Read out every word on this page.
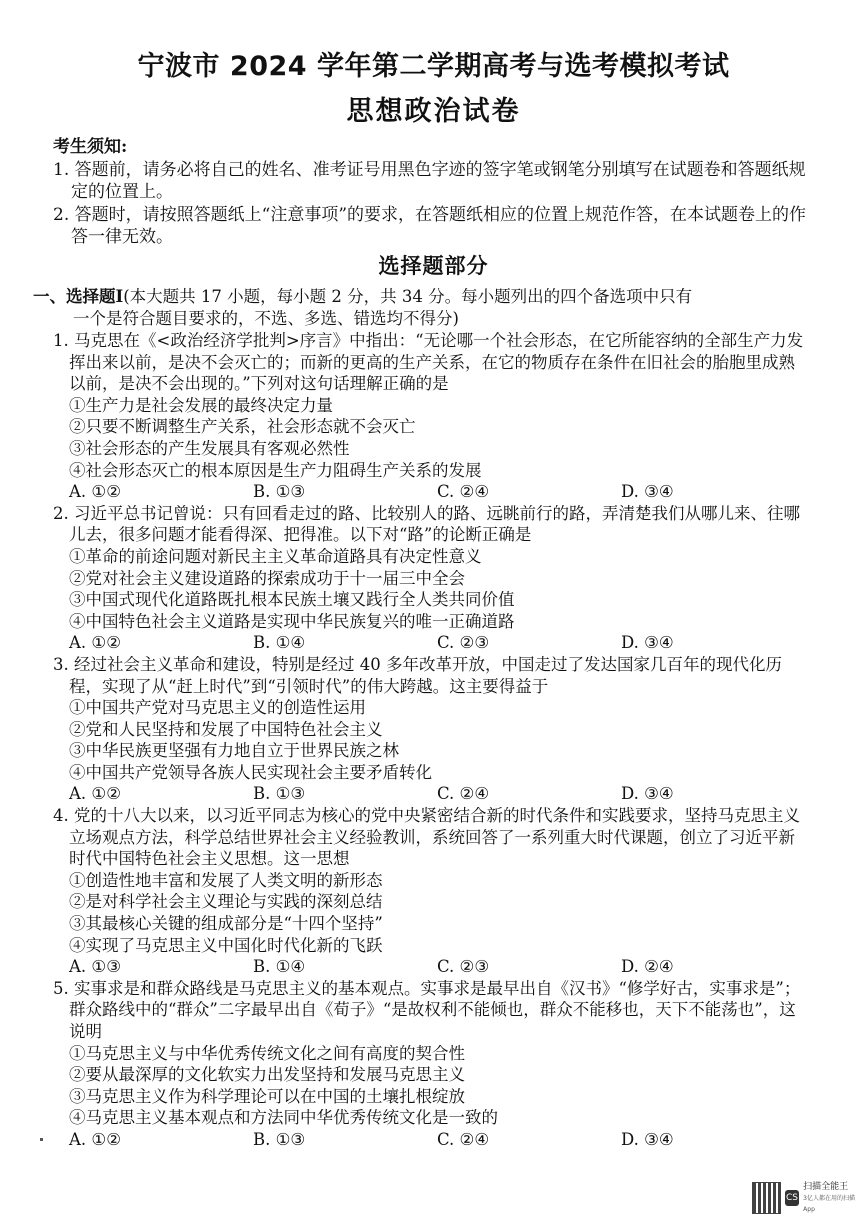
宁波市 2024 学年第二学期高考与选考模拟考试
思想政治试卷
考生须知:
1. 答题前，请务必将自己的姓名、准考证号用黑色字迹的签字笔或钢笔分别填写在试题卷和答题纸规定的位置上。
2. 答题时，请按照答题纸上“注意事项”的要求，在答题纸相应的位置上规范作答，在本试题卷上的作答一律无效。
选择题部分
一、选择题Ⅰ(本大题共 17 小题，每小题 2 分，共 34 分。每小题列出的四个备选项中只有
一个是符合题目要求的，不选、多选、错选均不得分)
1. 马克思在《<政治经济学批判>序言》中指出：“无论哪一个社会形态，在它所能容纳的全部生产力发挥出来以前，是决不会灭亡的；而新的更高的生产关系，在它的物质存在条件在旧社会的胎胞里成熟以前，是决不会出现的。”下列对这句话理解正确的是
①生产力是社会发展的最终决定力量
②只要不断调整生产关系，社会形态就不会灭亡
③社会形态的产生发展具有客观必然性
④社会形态灭亡的根本原因是生产力阻碍生产关系的发展
A. ①②	B. ①③	C. ②④	D. ③④
2. 习近平总书记曾说：只有回看走过的路、比较别人的路、远眺前行的路，弄清楚我们从哪儿来、往哪儿去，很多问题才能看得深、把得准。以下对“路”的论断正确是
①革命的前途问题对新民主主义革命道路具有决定性意义
②党对社会主义建设道路的探索成功于十一届三中全会
③中国式现代化道路既扎根本民族土壤又践行全人类共同价值
④中国特色社会主义道路是实现中华民族复兴的唯一正确道路
A. ①②	B. ①④	C. ②③	D. ③④
3. 经过社会主义革命和建设，特别是经过 40 多年改革开放，中国走过了发达国家几百年的现代化历程，实现了从“赶上时代”到“引领时代”的伟大跨越。这主要得益于
①中国共产党对马克思主义的创造性运用
②党和人民坚持和发展了中国特色社会主义
③中华民族更坚强有力地自立于世界民族之林
④中国共产党领导各族人民实现社会主要矛盾转化
A. ①②	B. ①③	C. ②④	D. ③④
4. 党的十八大以来，以习近平同志为核心的党中央紧密结合新的时代条件和实践要求，坚持马克思主义立场观点方法，科学总结世界社会主义经验教训，系统回答了一系列重大时代课题，创立了习近平新时代中国特色社会主义思想。这一思想
①创造性地丰富和发展了人类文明的新形态
②是对科学社会主义理论与实践的深刻总结
③其最核心关键的组成部分是“十四个坚持”
④实现了马克思主义中国化时代化新的飞跃
A. ①③	B. ①④	C. ②③	D. ②④
5. 实事求是和群众路线是马克思主义的基本观点。实事求是最早出自《汉书》“修学好古，实事求是”；群众路线中的“群众”二字最早出自《荀子》“是故权利不能倾也，群众不能移也，天下不能荡也”，这说明
①马克思主义与中华优秀传统文化之间有高度的契合性
②要从最深厚的文化软实力出发坚持和发展马克思主义
③马克思主义作为科学理论可以在中国的土壤扎根绽放
④马克思主义基本观点和方法同中华优秀传统文化是一致的
A. ①②	B. ①③	C. ②④	D. ③④
CS
扫描全能王
3亿人都在用的扫描App
